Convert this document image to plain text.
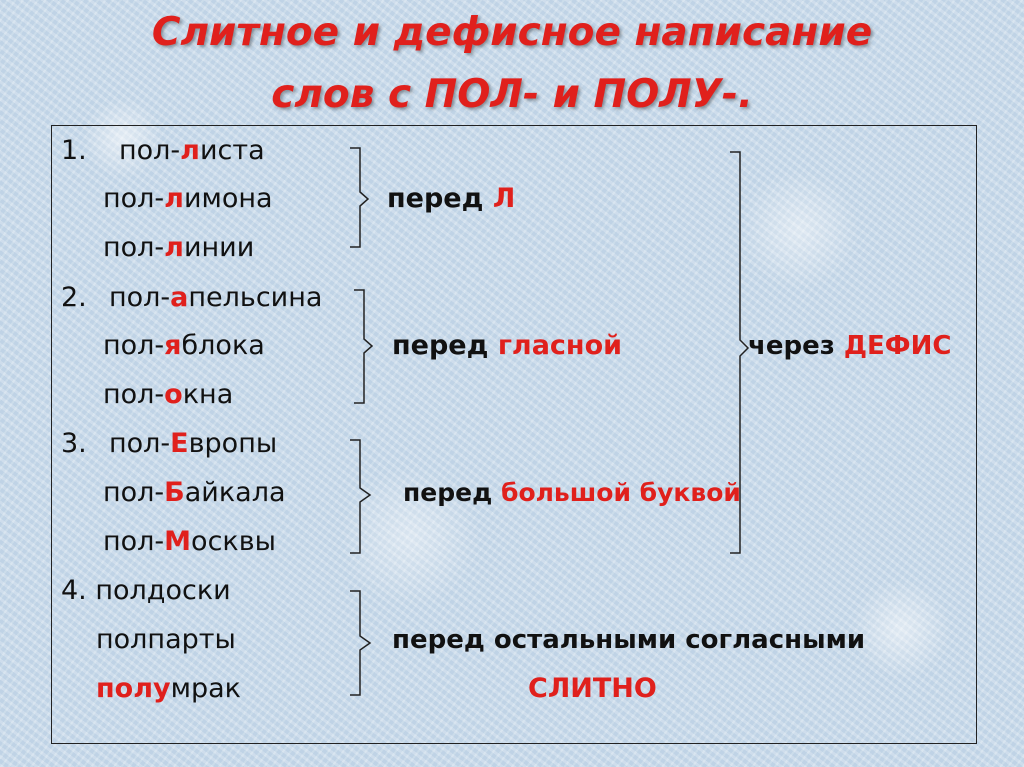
Слитное и дефисное написание
слов с ПОЛ- и ПОЛУ-.
1. пол-листа
пол-лимона
пол-линии
перед Л
2. пол-апельсина
пол-яблока
пол-окна
перед гласной
3. пол-Европы
пол-Байкала
пол-Москвы
перед большой буквой
4. полдоски
полпарты
полумрак
перед остальными согласными
СЛИТНО
через ДЕФИС
